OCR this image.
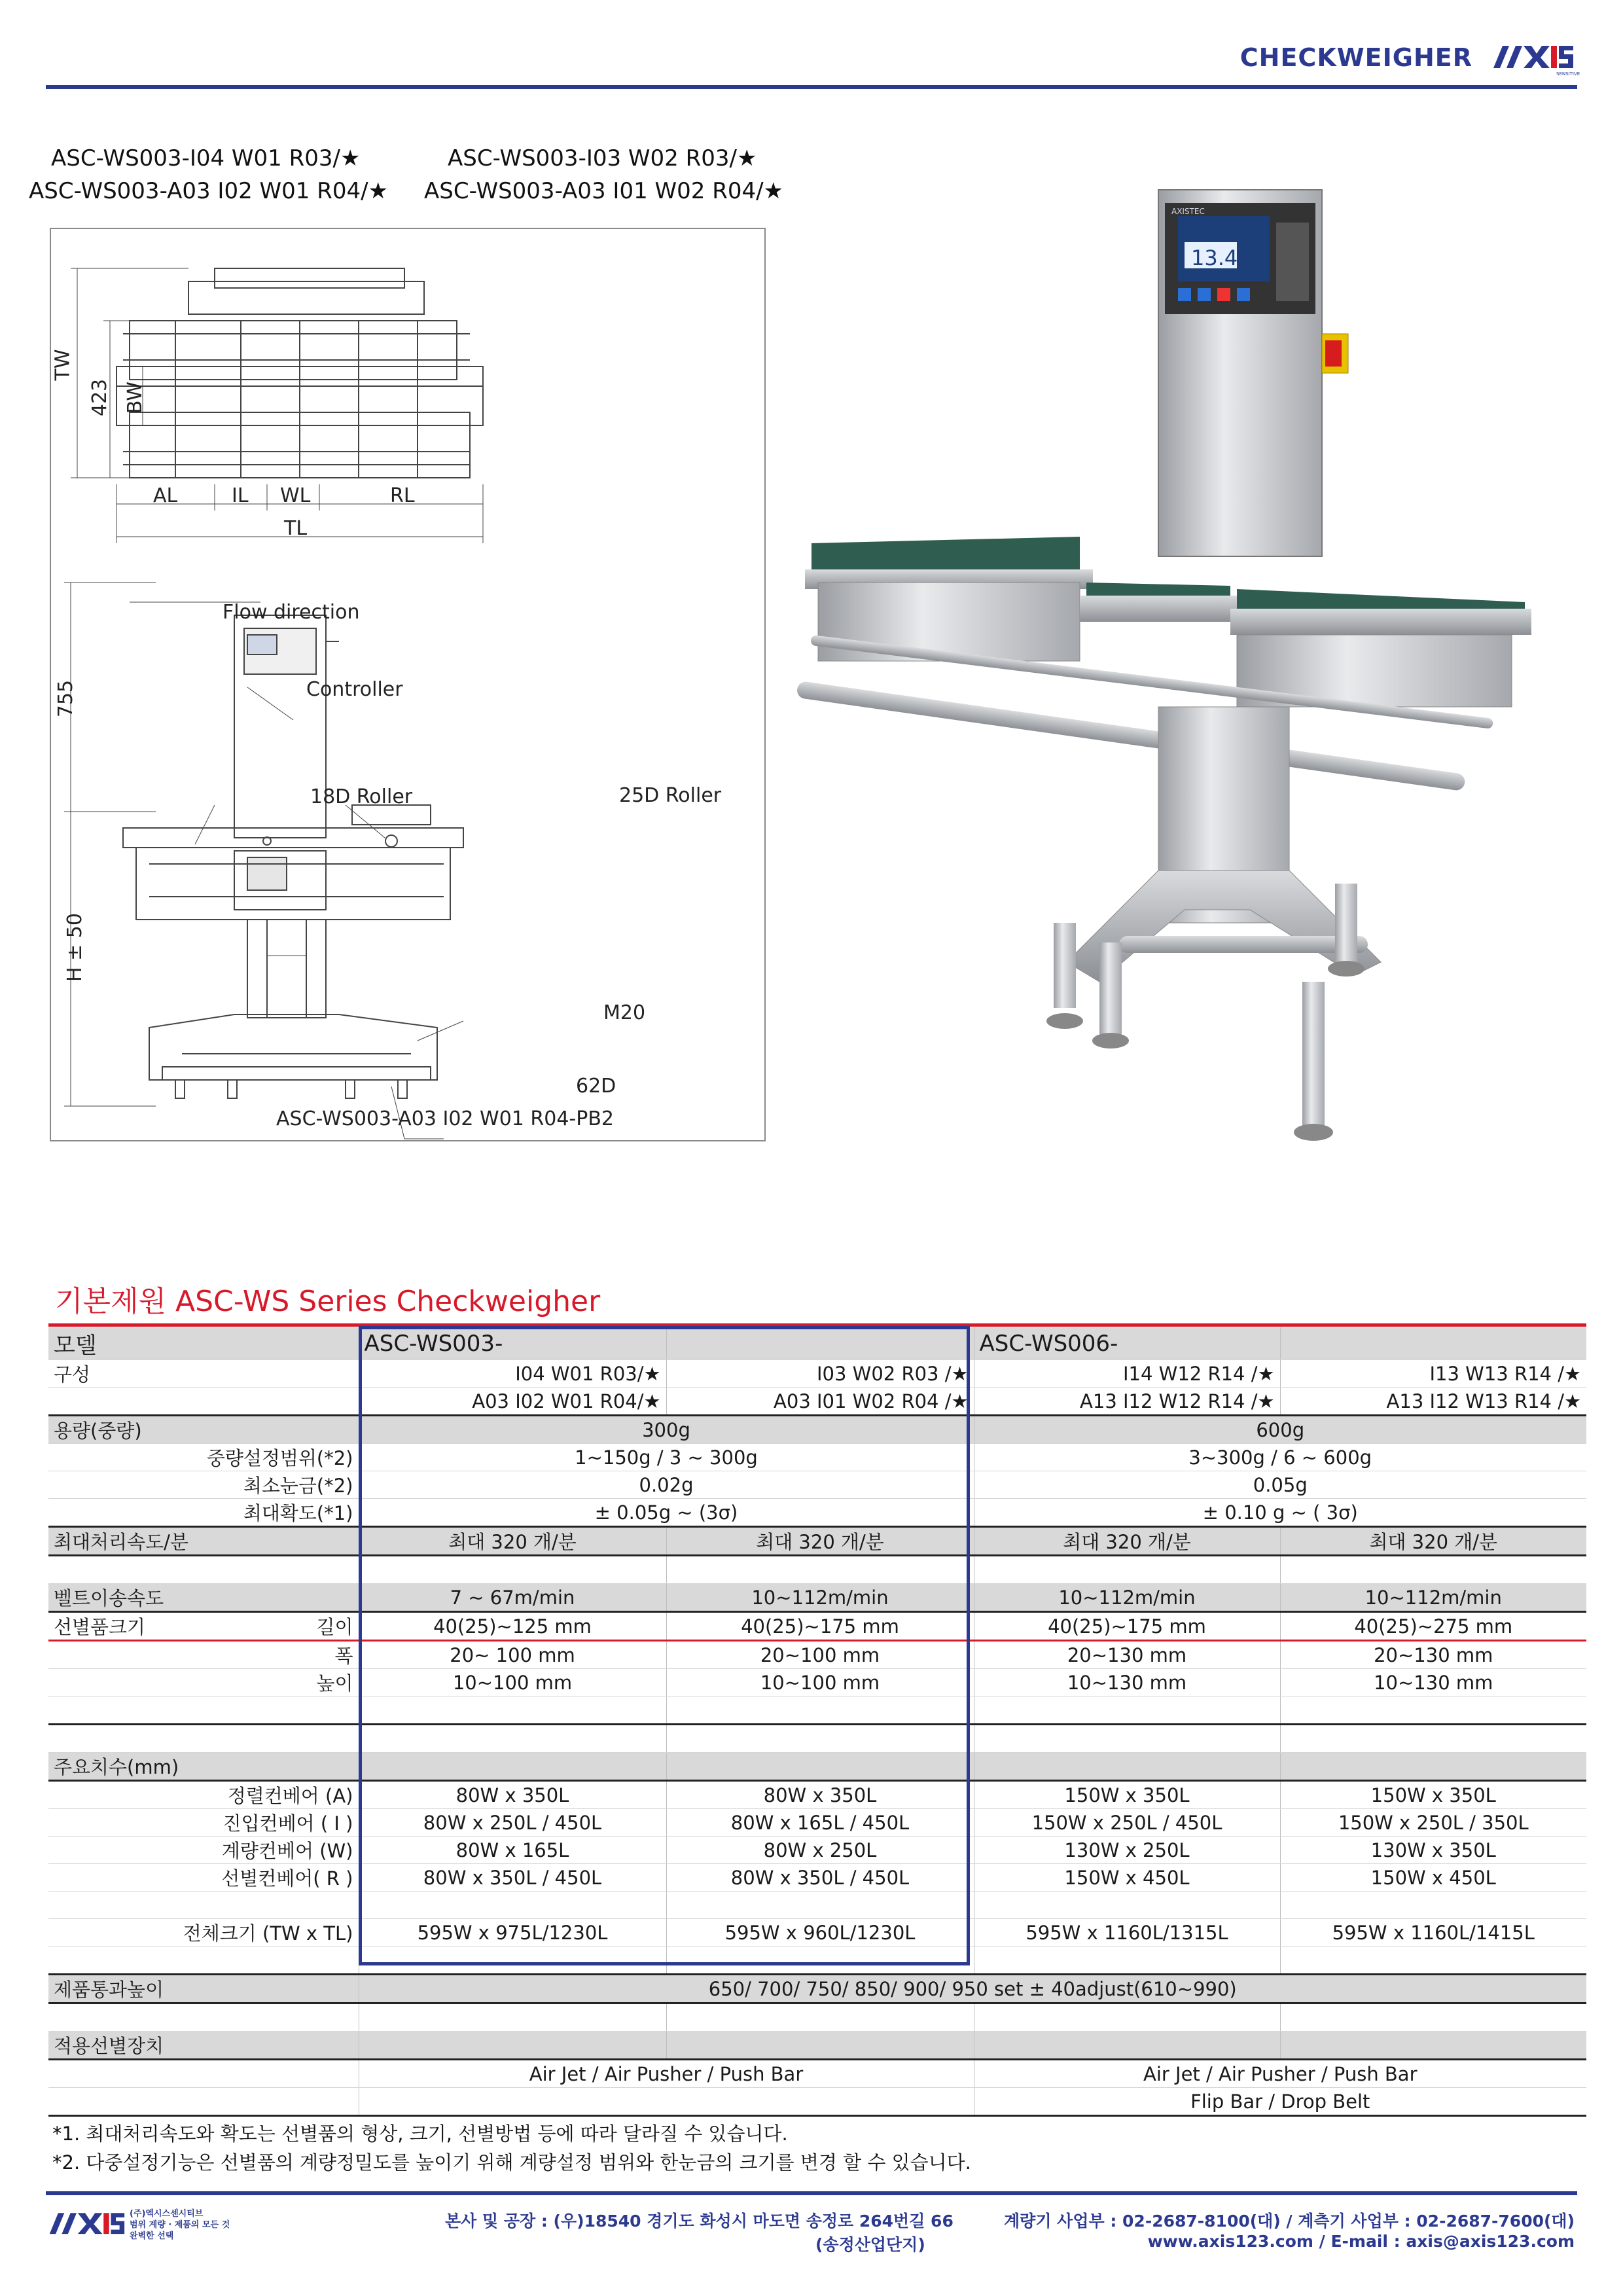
CHECKWEIGHER
SENSITIVE
ASC-WS003-I04 W01 R03/★
ASC-WS003-A03 I02 W01 R04/★
ASC-WS003-I03 W02 R03/★
ASC-WS003-A03 I01 W02 R04/★
TW
423 BW
AL	IL WL	RL
TL
Flow direction
Controller
755
18D Roller	25D Roller
H ± 50
M20
62D
ASC-WS003-A03 I02 W01 R04-PB2
13.47
AXISTEC
기본제원 ASC-WS Series Checkweigher
모델	ASC-WS003-		ASC-WS006-	
구성	I04 W01 R03/★	I03 W02 R03 /★	I14 W12 R14 /★	I13 W13 R14 /★
	A03 I02 W01 R04/★	A03 I01 W02 R04 /★	A13 I12 W12 R14 /★	A13 I12 W13 R14 /★
용량(중량)	300g		600g	
중량설정범위(*2)	1~150g / 3 ~ 300g		3~300g / 6 ~ 600g	
최소눈금(*2)	0.02g		0.05g	
최대확도(*1)	± 0.05g ~ (3σ)		± 0.10 g ~ ( 3σ)	
최대처리속도/분	최대 320 개/분	최대 320 개/분	최대 320 개/분	최대 320 개/분

벨트이송속도	7 ~ 67m/min	10~112m/min	10~112m/min	10~112m/min
선별품크기 길이	40(25)~125 mm	40(25)~175 mm	40(25)~175 mm	40(25)~275 mm
폭	20~ 100 mm	20~100 mm	20~130 mm	20~130 mm
높이	10~100 mm	10~100 mm	10~130 mm	10~130 mm

주요치수(mm)				
정렬컨베어 (A)	80W x 350L	80W x 350L	150W x 350L	150W x 350L
진입컨베어 ( I )	80W x 250L / 450L	80W x 165L / 450L	150W x 250L / 450L	150W x 250L / 350L
계량컨베어 (W)	80W x 165L	80W x 250L	130W x 250L	130W x 350L
선별컨베어( R )	80W x 350L / 450L	80W x 350L / 450L	150W x 450L	150W x 450L

전체크기 (TW x TL)	595W x 975L/1230L	595W x 960L/1230L	595W x 1160L/1315L	595W x 1160L/1415L

제품통과높이	650/ 700/ 750/ 850/ 900/ 950 set ± 40adjust(610~990)			

적용선별장치				
	Air Jet / Air Pusher / Push Bar		Air Jet / Air Pusher / Push Bar	
			Flip Bar / Drop Belt	
*1. 최대처리속도와 확도는 선별품의 형상, 크기, 선별방법 등에 따라 달라질 수 있습니다.
*2. 다중설정기능은 선별품의 계량정밀도를 높이기 위해 계량설정 범위와 한눈금의 크기를 변경 할 수 있습니다.
(주)엑시스센시티브
범위 계량 · 제품의 모든 것
완벽한 선택
본사 및 공장 : (우)18540 경기도 화성시 마도면 송정로 264번길 66
(송정산업단지)
계량기 사업부 : 02-2687-8100(대) / 계측기 사업부 : 02-2687-7600(대)
www.axis123.com / E-mail : axis@axis123.com
